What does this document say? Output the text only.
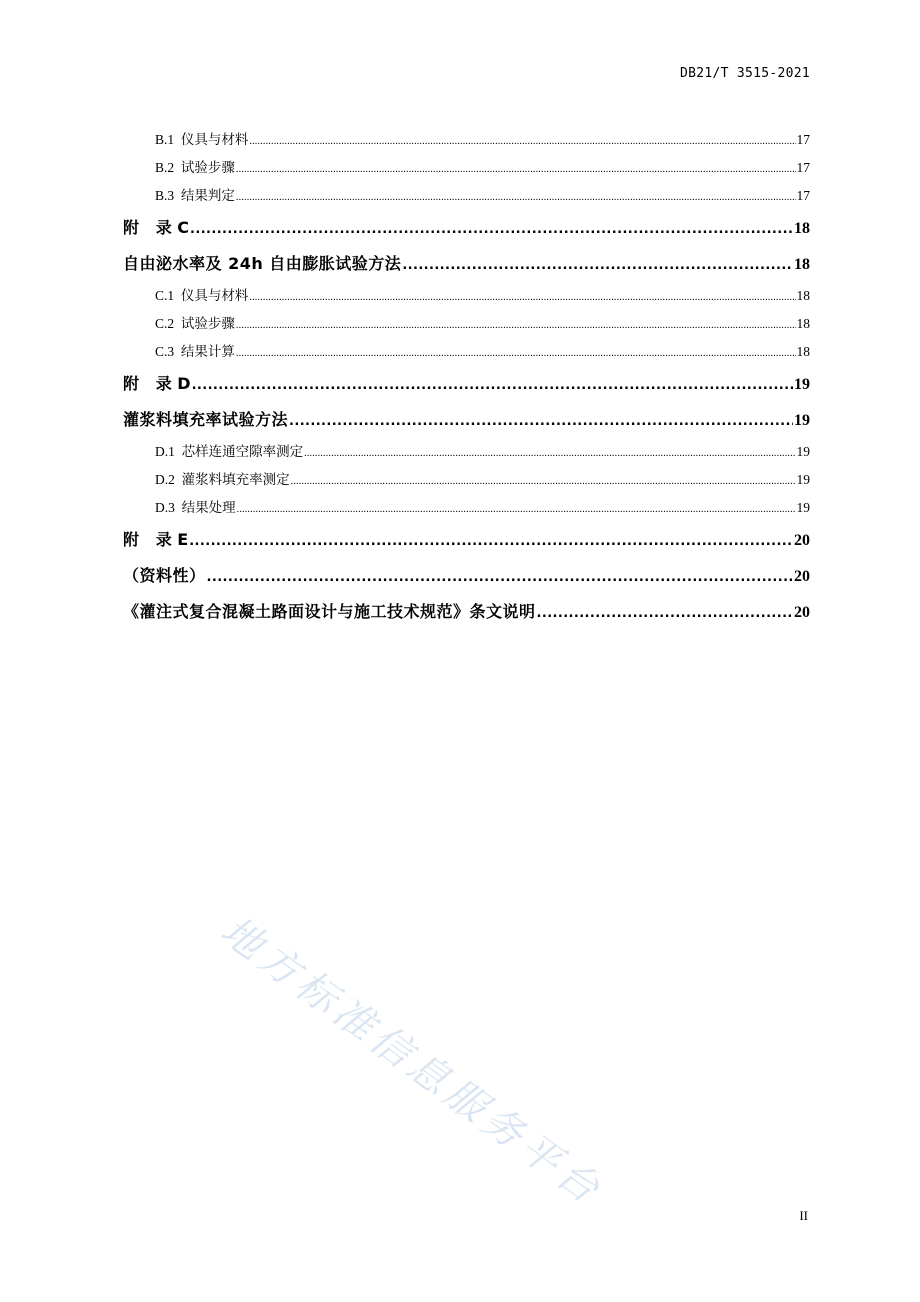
DB21/T 3515-2021
B.1  仪具与材料 .....	17
B.2  试验步骤 .....	17
B.3  结果判定 .....	17
附   录 C .....	18
自由泌水率及 24h 自由膨胀试验方法 .....	18
C.1  仪具与材料 .....	18
C.2  试验步骤 .....	18
C.3  结果计算 .....	18
附   录 D .....	19
灌浆料填充率试验方法 .....	19
D.1  芯样连通空隙率测定 .....	19
D.2  灌浆料填充率测定 .....	19
D.3  结果处理 .....	19
附   录 E .....	20
（资料性） .....	20
《灌注式复合混凝土路面设计与施工技术规范》条文说明 .....	20
地方标准信息服务平台
II
